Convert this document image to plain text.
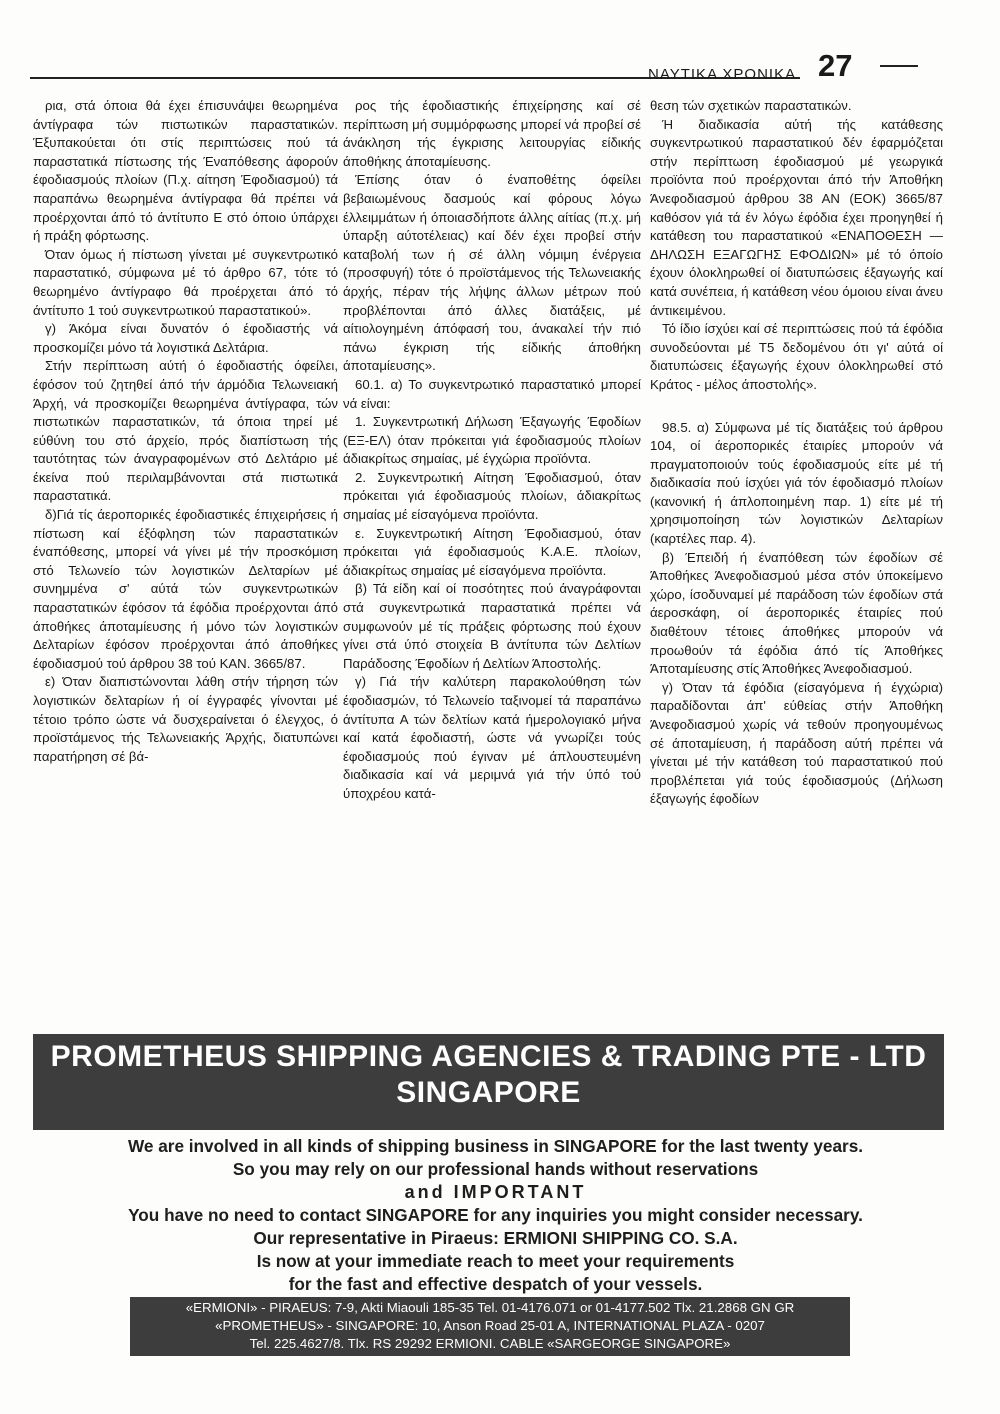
ΝΑΥΤΙΚΑ ΧΡΟΝΙΚΑ 27

ρια, στά όποια θά έχει έπισυνάψει θεωρημένα άντίγραφα τών πιστωτικών παραστατικών. Έξυπακούεται ότι στίς περιπτώσεις πού τά παραστατικά πίστωσης τής Έναπόθεσης άφορούν έφοδιασμούς πλοίων (Π.χ. αίτηση Έφοδιασμού) τά παραπάνω θεωρημένα άντίγραφα θά πρέπει νά προέρχονται άπό τό άντίτυπο Ε στό όποιο ύπάρχει ή πράξη φόρτωσης.

Όταν όμως ή πίστωση γίνεται μέ συγκεντρωτικό παραστατικό, σύμφωνα μέ τό άρθρο 67, τότε τό θεωρημένο άντίγραφο θά προέρχεται άπό τό άντίτυπο 1 τού συγκεντρωτικού παραστατικού».

γ) Άκόμα είναι δυνατόν ό έφοδιαστής νά προσκομίζει μόνο τά λογιστικά Δελτάρια.

Στήν περίπτωση αύτή ό έφοδιαστής όφείλει, έφόσον τού ζητηθεί άπό τήν άρμόδια Τελωνειακή Άρχή, νά προσκομίζει θεωρημένα άντίγραφα, τών πιστωτικών παραστατικών, τά όποια τηρεί μέ εύθύνη του στό άρχείο, πρός διαπίστωση τής ταυτότητας τών άναγραφομένων στό Δελτάριο μέ έκείνα πού περιλαμβάνονται στά πιστωτικά παραστατικά.

δ)Γιά τίς άεροπορικές έφοδιαστικές έπιχειρήσεις ή πίστωση καί έξόφληση τών παραστατικών έναπόθεσης, μπορεί νά γίνει μέ τήν προσκόμιση στό Τελωνείο τών λογιστικών Δελταρίων μέ συνημμένα σ' αύτά τών συγκεντρωτικών παραστατικών έφόσον τά έφόδια προέρχονται άπό άποθήκες άποταμίευσης ή μόνο τών λογιστικών Δελταρίων έφόσον προέρχονται άπό άποθήκες έφοδιασμού τού άρθρου 38 τού ΚΑΝ. 3665/87.

ε) Όταν διαπιστώνονται λάθη στήν τήρηση τών λογιστικών δελταρίων ή οί έγγραφές γίνονται μέ τέτοιο τρόπο ώστε νά δυσχεραίνεται ό έλεγχος, ό προϊστάμενος τής Τελωνειακής Άρχής, διατυπώνει παρατήρηση σέ βά-

ρος τής έφοδιαστικής έπιχείρησης καί σέ περίπτωση μή συμμόρφωσης μπορεί νά προβεί σέ άνάκληση τής έγκρισης λειτουργίας είδικής άποθήκης άποταμίευσης.

Έπίσης όταν ό έναποθέτης όφείλει βεβαιωμένους δασμούς καί φόρους λόγω έλλειμμάτων ή όποιασδήποτε άλλης αίτίας (π.χ. μή ύπαρξη αύτοτέλειας) καί δέν έχει προβεί στήν καταβολή των ή σέ άλλη νόμιμη ένέργεια (προσφυγή) τότε ό προϊστάμενος τής Τελωνειακής άρχής, πέραν τής λήψης άλλων μέτρων πού προβλέπονται άπό άλλες διατάξεις, μέ αίτιολογημένη άπόφασή του, άνακαλεί τήν πιό πάνω έγκριση τής είδικής άποθήκη άποταμίευσης».

60.1. α) Το συγκεντρωτικό παραστατικό μπορεί νά είναι:

1. Συγκεντρωτική Δήλωση Έξαγωγής Έφοδίων (ΕΞ-ΕΛ) όταν πρόκειται γιά έφοδιασμούς πλοίων άδιακρίτως σημαίας, μέ έγχώρια προϊόντα.

2. Συγκεντρωτική Αίτηση Έφοδιασμού, όταν πρόκειται γιά έφοδιασμούς πλοίων, άδιακρίτως σημαίας μέ είσαγόμενα προϊόντα.

ε. Συγκεντρωτική Αίτηση Έφοδιασμού, όταν πρόκειται γιά έφοδιασμούς Κ.Α.Ε. πλοίων, άδιακρίτως σημαίας μέ είσαγόμενα προϊόντα.

β) Τά είδη καί οί ποσότητες πού άναγράφονται στά συγκεντρωτικά παραστατικά πρέπει νά συμφωνούν μέ τίς πράξεις φόρτωσης πού έχουν γίνει στά ύπό στοιχεία Β άντίτυπα τών Δελτίων Παράδοσης Έφοδίων ή Δελτίων Άποστολής.

γ) Γιά τήν καλύτερη παρακολούθηση τών έφοδιασμών, τό Τελωνείο ταξινομεί τά παραπάνω άντίτυπα Α τών δελτίων κατά ήμερολογιακό μήνα καί κατά έφοδιαστή, ώστε νά γνωρίζει τούς έφοδιασμούς πού έγιναν μέ άπλουστευμένη διαδικασία καί νά μεριμνά γιά τήν ύπό τού ύποχρέου κατά-

θεση τών σχετικών παραστατικών.

Ή διαδικασία αύτή τής κατάθεσης συγκεντρωτικού παραστατικού δέν έφαρμόζεται στήν περίπτωση έφοδιασμού μέ γεωργικά προϊόντα πού προέρχονται άπό τήν Άποθήκη Άνεφοδιασμού άρθρου 38 ΑΝ (ΕΟΚ) 3665/87 καθόσον γιά τά έν λόγω έφόδια έχει προηγηθεί ή κατάθεση του παραστατικού «ΕΝΑΠΟΘΕΣΗ — ΔΗΛΩΣΗ ΕΞΑΓΩΓΗΣ ΕΦΟΔΙΩΝ» μέ τό όποίο έχουν όλοκληρωθεί οί διατυπώσεις έξαγωγής καί κατά συνέπεια, ή κατάθεση νέου όμοιου είναι άνευ άντικειμένου.

Τό ίδιο ίσχύει καί σέ περιπτώσεις πού τά έφόδια συνοδεύονται μέ Τ5 δεδομένου ότι γι' αύτά οί διατυπώσεις έξαγωγής έχουν όλοκληρωθεί στό Κράτος - μέλος άποστολής».

98.5. α) Σύμφωνα μέ τίς διατάξεις τού άρθρου 104, οί άεροπορικές έταιρίες μπορούν νά πραγματοποιούν τούς έφοδιασμούς είτε μέ τή διαδικασία πού ίσχύει γιά τόν έφοδιασμό πλοίων (κανονική ή άπλοποιημένη παρ. 1) είτε μέ τή χρησιμοποίηση τών λογιστικών Δελταρίων (καρτέλες παρ. 4).

β) Έπειδή ή έναπόθεση τών έφοδίων σέ Άποθήκες Άνεφοδιασμού μέσα στόν ύποκείμενο χώρο, ίσοδυναμεί μέ παράδοση τών έφοδίων στά άεροσκάφη, οί άεροπορικές έταιρίες πού διαθέτουν τέτοιες άποθήκες μπορούν νά προωθούν τά έφόδια άπό τίς Άποθήκες Άποταμίευσης στίς Άποθήκες Άνεφοδιασμού.

γ) Όταν τά έφόδια (είσαγόμενα ή έγχώρια) παραδίδονται άπ' εύθείας στήν Άποθήκη Άνεφοδιασμού χωρίς νά τεθούν προηγουμένως σέ άποταμίευση, ή παράδοση αύτή πρέπει νά γίνεται μέ τήν κατάθεση τού παραστατικού πού προβλέπεται γιά τούς έφοδιασμούς (Δήλωση έξαγωγής έφοδίων

PROMETHEUS SHIPPING AGENCIES & TRADING PTE - LTD
SINGAPORE
We are involved in all kinds of shipping business in SINGAPORE for the last twenty years.
So you may rely on our professional hands without reservations
and IMPORTANT
You have no need to contact SINGAPORE for any inquiries you might consider necessary.
Our representative in Piraeus: ERMIONI SHIPPING CO. S.A.
Is now at your immediate reach to meet your requirements
for the fast and effective despatch of your vessels.
«ERMIONI» - PIRAEUS: 7-9, Akti Miaouli 185-35 Tel. 01-4176.071 or 01-4177.502 Tlx. 21.2868 GN GR
«PROMETHEUS» - SINGAPORE: 10, Anson Road 25-01 A, INTERNATIONAL PLAZA - 0207
Tel. 225.4627/8. Tlx. RS 29292 ERMIONI. CABLE «SARGEORGE SINGAPORE»
